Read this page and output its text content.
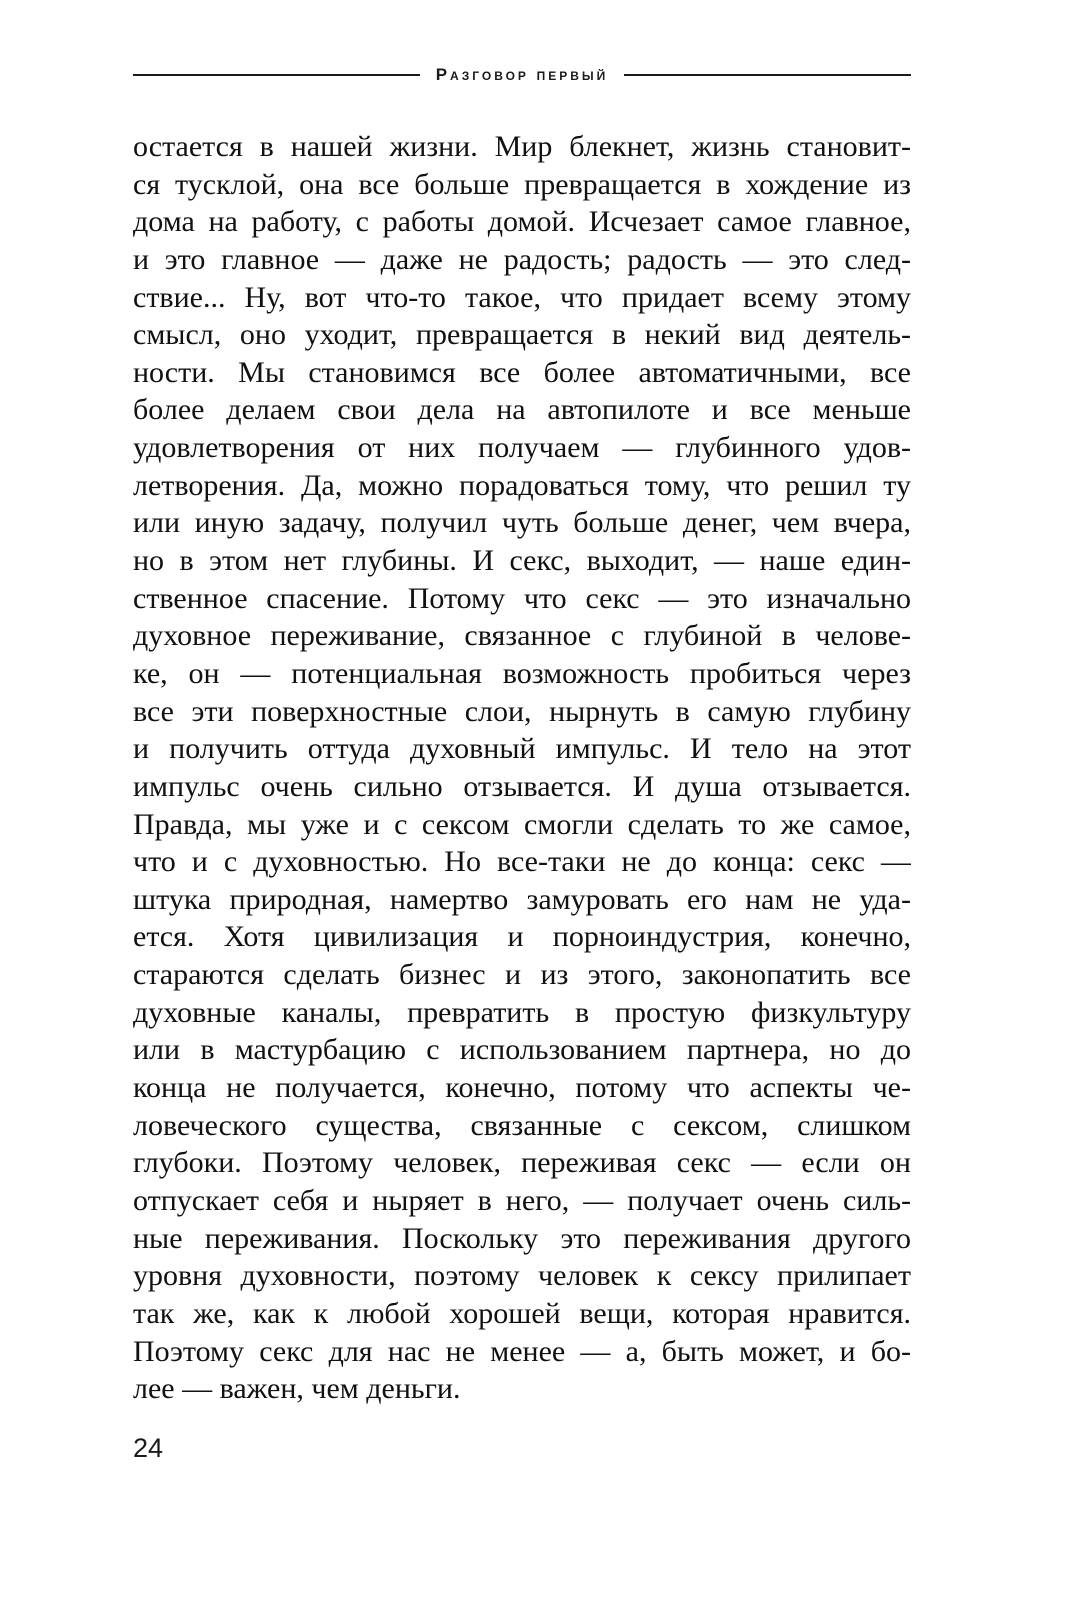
Разговор первый
остается в нашей жизни. Мир блекнет, жизнь становит-
ся тусклой, она все больше превращается в хождение из
дома на работу, с работы домой. Исчезает самое главное,
и это главное — даже не радость; радость — это след-
ствие... Ну, вот что-то такое, что придает всему этому
смысл, оно уходит, превращается в некий вид деятель-
ности. Мы становимся все более автоматичными, все
более делаем свои дела на автопилоте и все меньше
удовлетворения от них получаем — глубинного удов-
летворения. Да, можно порадоваться тому, что решил ту
или иную задачу, получил чуть больше денег, чем вчера,
но в этом нет глубины. И секс, выходит, — наше един-
ственное спасение. Потому что секс — это изначально
духовное переживание, связанное с глубиной в челове-
ке, он — потенциальная возможность пробиться через
все эти поверхностные слои, нырнуть в самую глубину
и получить оттуда духовный импульс. И тело на этот
импульс очень сильно отзывается. И душа отзывается.
Правда, мы уже и с сексом смогли сделать то же самое,
что и с духовностью. Но все-таки не до конца: секс —
штука природная, намертво замуровать его нам не уда-
ется. Хотя цивилизация и порноиндустрия, конечно,
стараются сделать бизнес и из этого, законопатить все
духовные каналы, превратить в простую физкультуру
или в мастурбацию с использованием партнера, но до
конца не получается, конечно, потому что аспекты че-
ловеческого существа, связанные с сексом, слишком
глубоки. Поэтому человек, переживая секс — если он
отпускает себя и ныряет в него, — получает очень силь-
ные переживания. Поскольку это переживания другого
уровня духовности, поэтому человек к сексу прилипает
так же, как к любой хорошей вещи, которая нравится.
Поэтому секс для нас не менее — а, быть может, и бо-
лее — важен, чем деньги.
24
